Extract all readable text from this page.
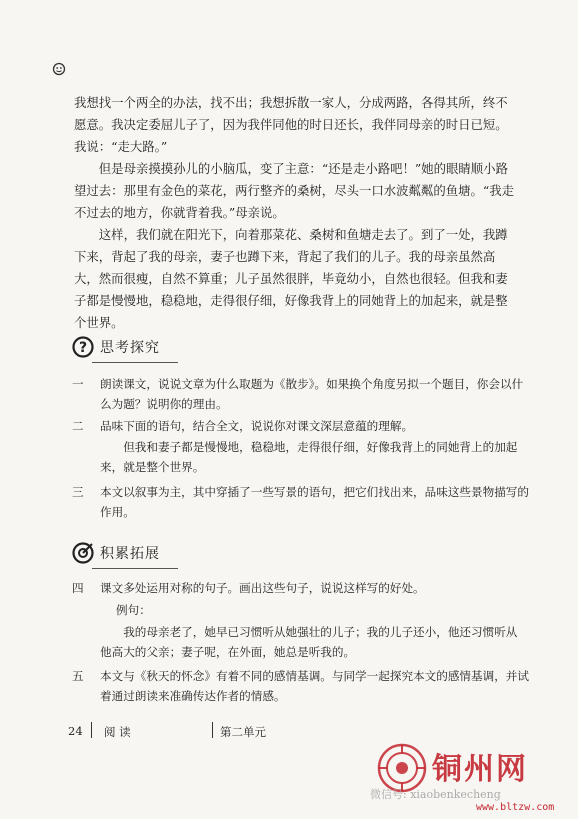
我想找一个两全的办法，找不出；我想拆散一家人，分成两路，各得其所，终不愿意。我决定委屈儿子了，因为我伴同他的时日还长，我伴同母亲的时日已短。我说：“走大路。”

但是母亲摸摸孙儿的小脑瓜，变了主意：“还是走小路吧！”她的眼睛顺小路望过去：那里有金色的菜花，两行整齐的桑树，尽头一口水波粼粼的鱼塘。“我走不过去的地方，你就背着我。”母亲说。

这样，我们就在阳光下，向着那菜花、桑树和鱼塘走去了。到了一处，我蹲下来，背起了我的母亲，妻子也蹲下来，背起了我们的儿子。我的母亲虽然高大，然而很瘦，自然不算重；儿子虽然很胖，毕竟幼小，自然也很轻。但我和妻子都是慢慢地，稳稳地，走得很仔细，好像我背上的同她背上的加起来，就是整个世界。

? 思考探究
一	朗读课文，说说文章为什么取题为《散步》。如果换个角度另拟一个题目，你会以什么为题？说明你的理由。
二	品味下面的语句，结合全文，说说你对课文深层意蕴的理解。
但我和妻子都是慢慢地，稳稳地，走得很仔细，好像我背上的同她背上的加起来，就是整个世界。
三	本文以叙事为主，其中穿插了一些写景的语句，把它们找出来，品味这些景物描写的作用。
积累拓展
四	课文多处运用对称的句子。画出这些句子，说说这样写的好处。
例句：
我的母亲老了，她早已习惯听从她强壮的儿子；我的儿子还小，他还习惯听从他高大的父亲；妻子呢，在外面，她总是听我的。
五	本文与《秋天的怀念》有着不同的感情基调。与同学一起探究本文的感情基调，并试着通过朗读来准确传达作者的情感。
24 阅 读	第二单元
铜州网
微信号: xiaobenkecheng
www.bltzw.com
